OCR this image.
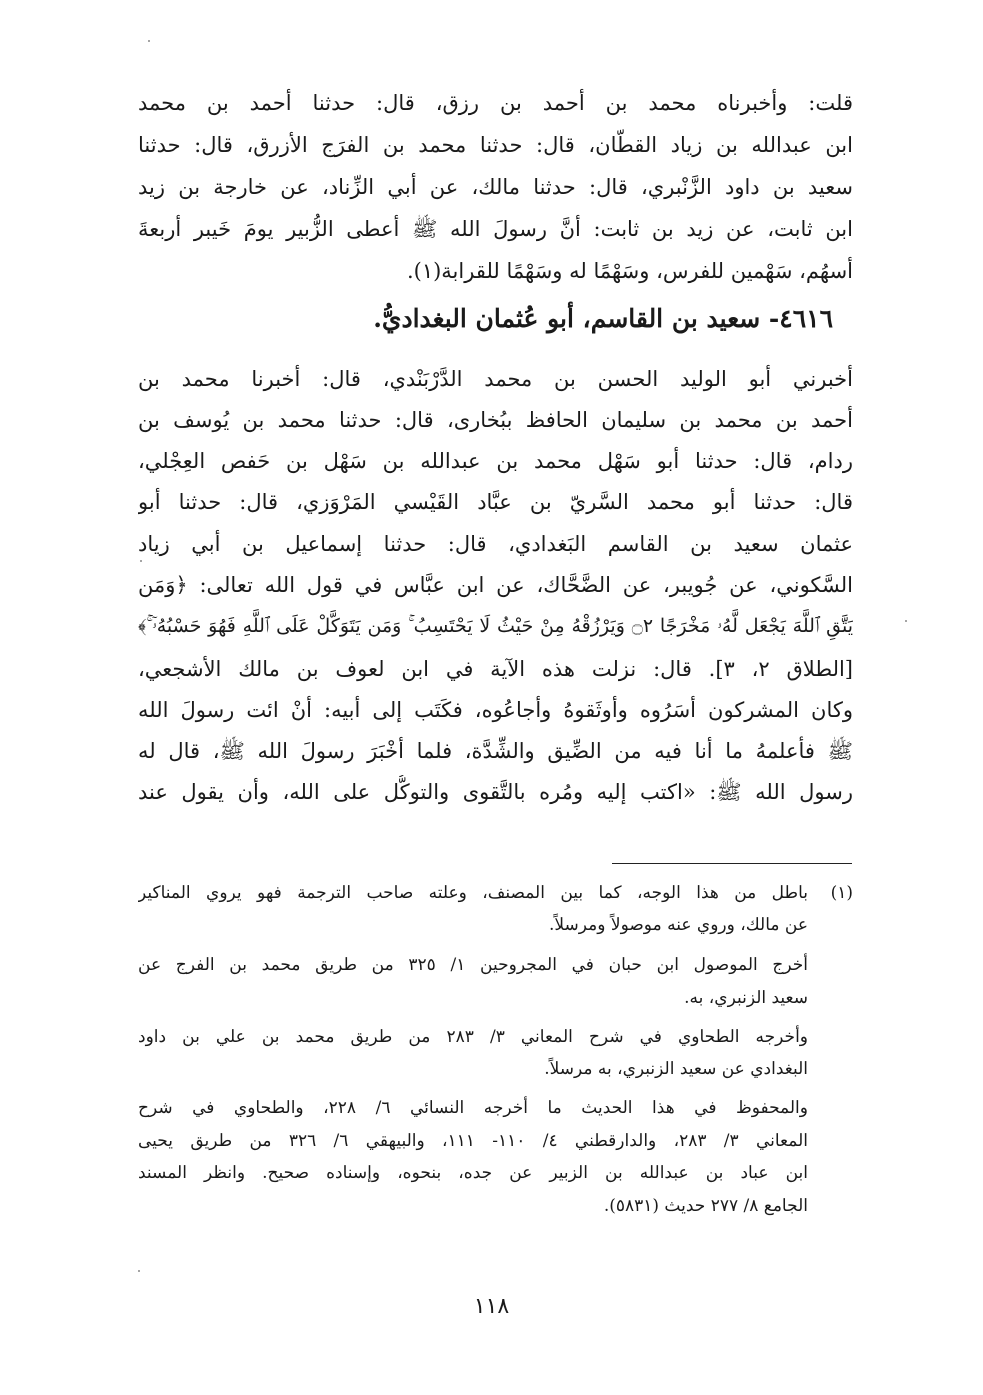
قلت: وأخبرناه محمد بن أحمد بن رزق، قال: حدثنا أحمد بن محمد
ابن عبدالله بن زياد القطّان، قال: حدثنا محمد بن الفرَج الأزرق، قال: حدثنا
سعيد بن داود الزَّنْبري، قال: حدثنا مالك، عن أبي الزِّناد، عن خارجة بن زيد
ابن ثابت، عن زيد بن ثابت: أنَّ رسولَ الله ﷺ أعطى الزُّبير يومَ خَيبر أربعةَ
أسهُم، سَهْمين للفرس، وسَهْمًا له وسَهْمًا للقرابة(١).
٤٦١٦- سعيد بن القاسم، أبو عُثمان البغداديُّ.
أخبرني أبو الوليد الحسن بن محمد الدَّرْبَنْدي، قال: أخبرنا محمد بن
أحمد بن محمد بن سليمان الحافظ ببُخارى، قال: حدثنا محمد بن يُوسف بن
ردام، قال: حدثنا أبو سَهْل محمد بن عبدالله بن سَهْل بن حَفص العِجْلي،
قال: حدثنا أبو محمد السَّريّ بن عبَّاد القَيْسي المَرْوَزي، قال: حدثنا أبو
عثمان سعيد بن القاسم البَغدادي، قال: حدثنا إسماعيل بن أبي زياد
السَّكوني، عن جُويبر، عن الضَّحَّاك، عن ابن عبَّاس في قول الله تعالى: ﴿وَمَن
يَتَّقِ ٱللَّهَ يَجْعَل لَّهُۥ مَخْرَجًا ۝٢ وَيَرْزُقْهُ مِنْ حَيْثُ لَا يَحْتَسِبُ ۚ وَمَن يَتَوَكَّلْ عَلَى ٱللَّهِ فَهُوَ حَسْبُهُۥٓ ۚ﴾
[الطلاق ٢، ٣]. قال: نزلت هذه الآية في ابن لعوف بن مالك الأشجعي،
وكان المشركون أسَرُوه وأوثَقوهُ وأجاعُوه، فكَتَب إلى أبيه: أنْ ائت رسولَ الله
ﷺ فأعلمهُ ما أنا فيه من الضِّيق والشِّدَّة، فلما أخْبَرَ رسولَ الله ﷺ، قال له
رسول الله ﷺ: «اكتب إليه ومُره بالتَّقوى والتوكُّل على الله، وأن يقول عند
(١)
باطل من هذا الوجه، كما بين المصنف، وعلته صاحب الترجمة فهو يروي المناكير
عن مالك، وروي عنه موصولاً ومرسلاً.
أخرج الموصول ابن حبان في المجروحين ١/ ٣٢٥ من طريق محمد بن الفرج عن
سعيد الزنبري، به.
وأخرجه الطحاوي في شرح المعاني ٣/ ٢٨٣ من طريق محمد بن علي بن داود
البغدادي عن سعيد الزنبري، به مرسلاً.
والمحفوظ في هذا الحديث ما أخرجه النسائي ٦/ ٢٢٨، والطحاوي في شرح
المعاني ٣/ ٢٨٣، والدارقطني ٤/ ١١٠- ١١١، والبيهقي ٦/ ٣٢٦ من طريق يحيى
ابن عباد بن عبدالله بن الزبير عن جده، بنحوه، وإسناده صحيح. وانظر المسند
الجامع ٨/ ٢٧٧ حديث (٥٨٣١).
١١٨
